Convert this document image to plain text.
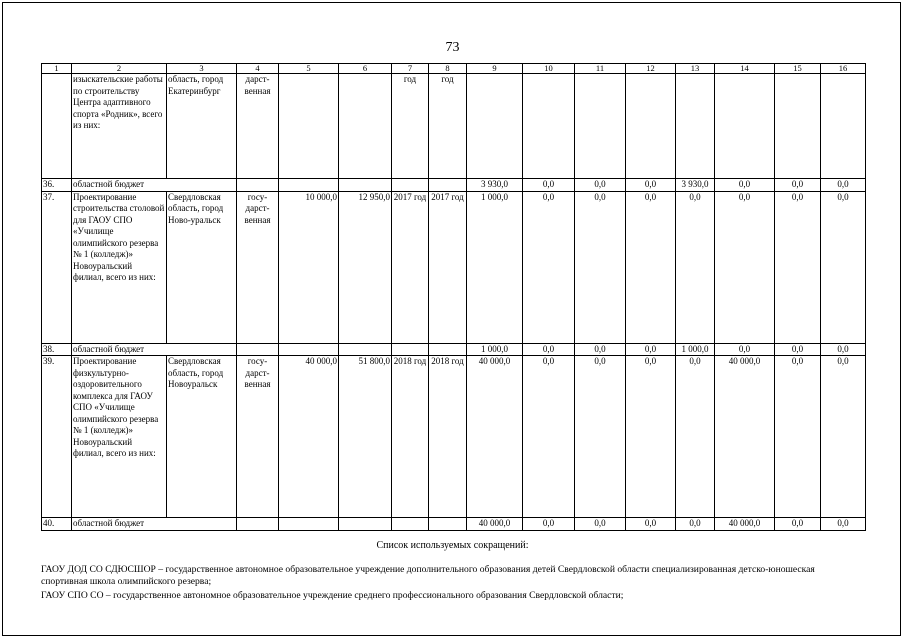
73
1	2	3	4	5	6	7	8	9	10	11	12	13	14	15	16
	изыскательские работы по строительству Центра адаптивного спорта «Родник», всего из них:	область, город Екатеринбург	дарст-венная			год	год								
36.	областной бюджет							3 930,0	0,0	0,0	0,0	3 930,0	0,0	0,0	0,0
37.	Проектирование строительства столовой для ГАОУ СПО «Училище олимпийского резерва № 1 (колледж)» Новоуральский филиал, всего из них:	Свердловская область, город Ново-уральск	госу-дарст-венная	10 000,0	12 950,0	2017 год	2017 год	1 000,0	0,0	0,0	0,0	0,0	0,0	0,0	0,0
38.	областной бюджет							1 000,0	0,0	0,0	0,0	1 000,0	0,0	0,0	0,0
39.	Проектирование физкультурно-оздоровительного комплекса для ГАОУ СПО «Училище олимпийского резерва № 1 (колледж)» Новоуральский филиал, всего из них:	Свердловская область, город Новоуральск	госу-дарст-венная	40 000,0	51 800,0	2018 год	2018 год	40 000,0	0,0	0,0	0,0	0,0	40 000,0	0,0	0,0
40.	областной бюджет							40 000,0	0,0	0,0	0,0	0,0	40 000,0	0,0	0,0
Список используемых сокращений:
ГАОУ ДОД СО СДЮСШОР – государственное автономное образовательное учреждение дополнительного образования детей Свердловской области специализированная детско-юношеская спортивная школа олимпийского резерва;
ГАОУ СПО СО – государственное автономное образовательное учреждение среднего профессионального образования Свердловской области;
